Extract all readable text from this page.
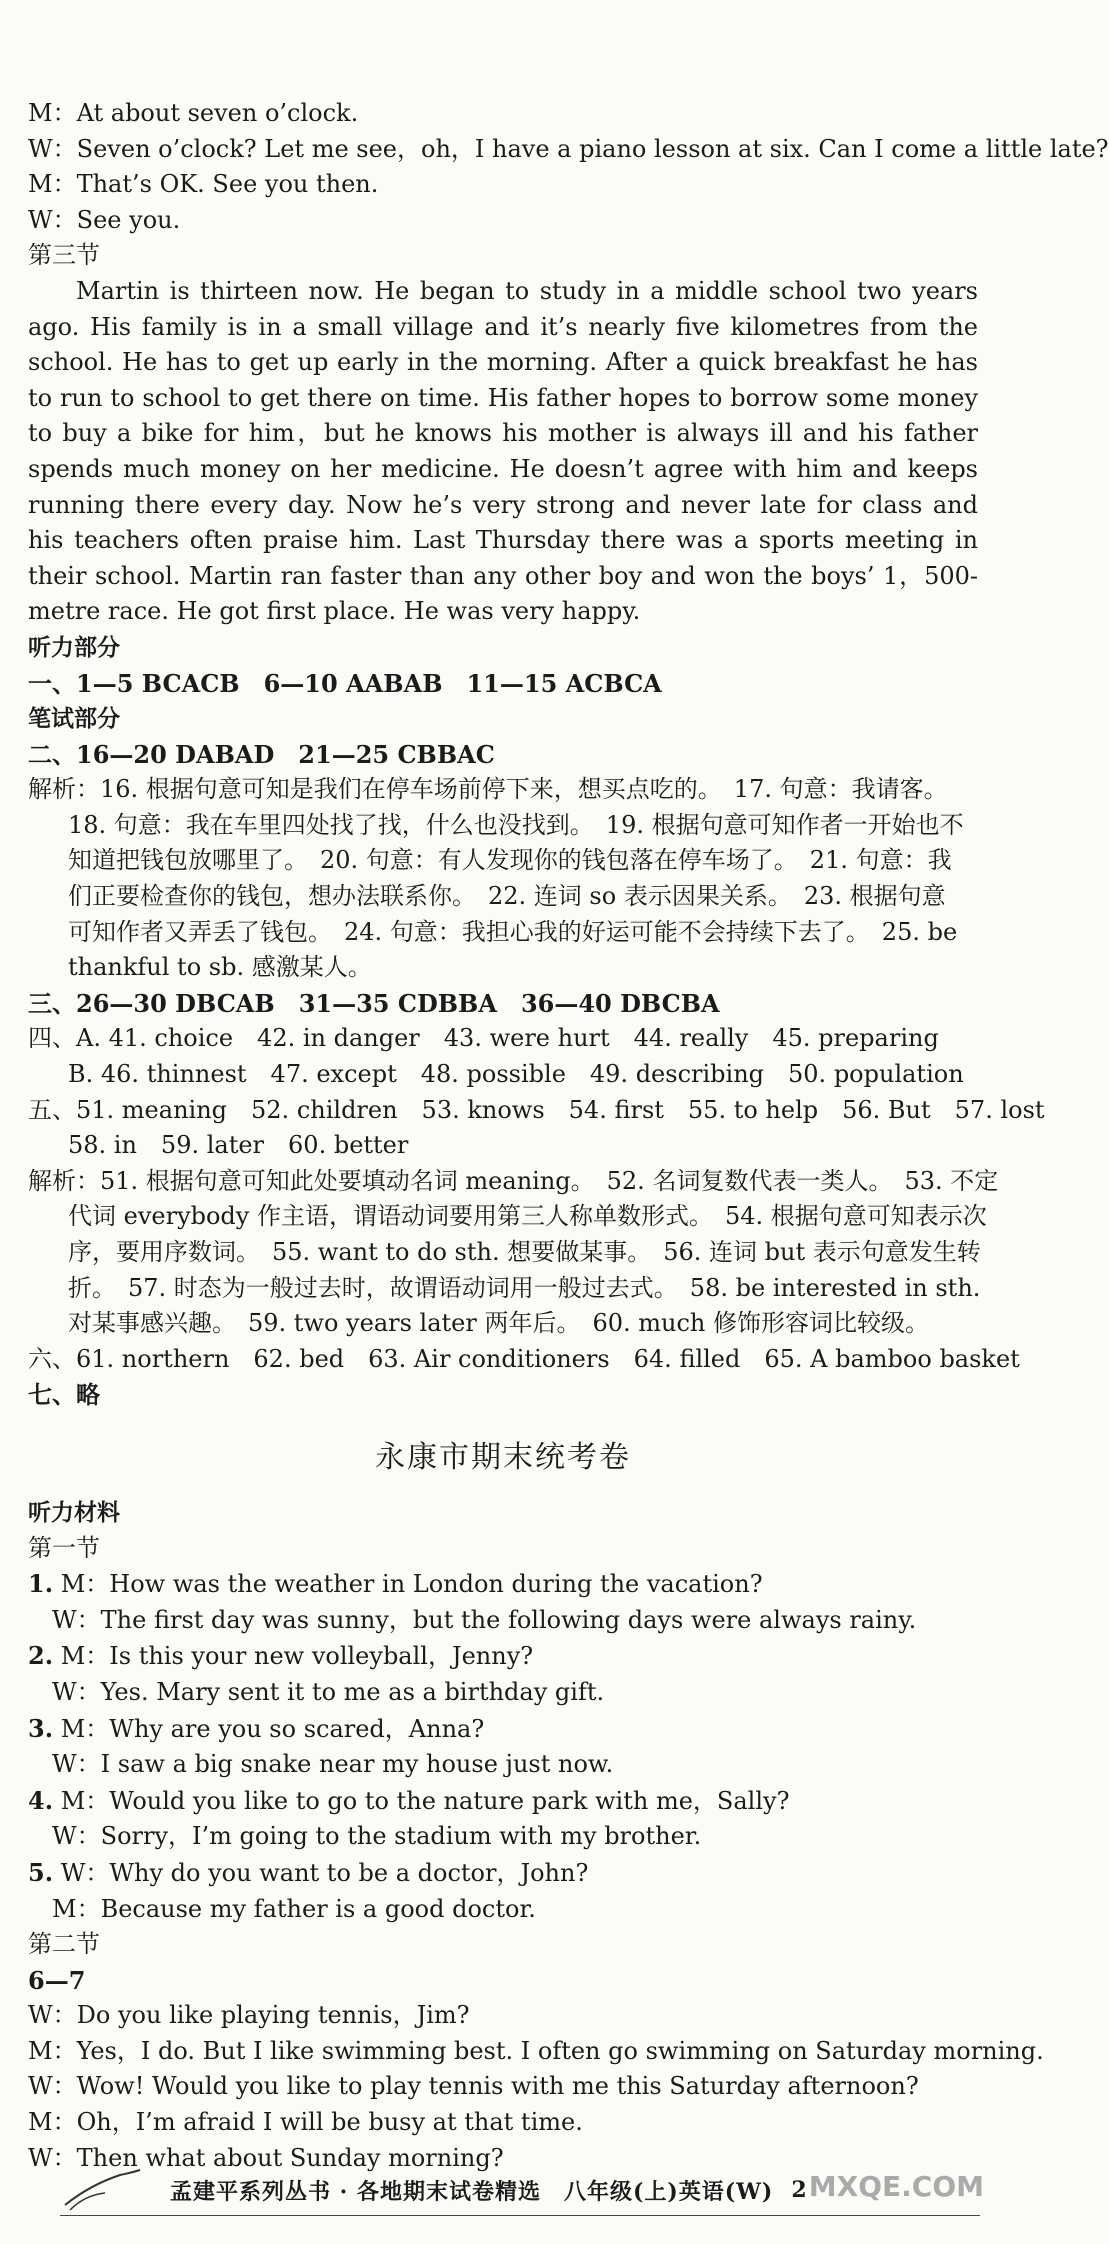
M：At about seven o’clock.
W：Seven o’clock? Let me see，oh，I have a piano lesson at six. Can I come a little late?
M：That’s OK. See you then.
W：See you.
第三节
Martin is thirteen now. He began to study in a middle school two years ago. His family is in a small village and it’s nearly five kilometres from the school. He has to get up early in the morning. After a quick breakfast he has to run to school to get there on time. His father hopes to borrow some money to buy a bike for him，but he knows his mother is always ill and his father spends much money on her medicine. He doesn’t agree with him and keeps running there every day. Now he’s very strong and never late for class and his teachers often praise him. Last Thursday there was a sports meeting in their school. Martin ran faster than any other boy and won the boys’ 1，500-metre race. He got first place. He was very happy.
听力部分
一、1—5 BCACB　6—10 AABAB　11—15 ACBCA
笔试部分
二、16—20 DABAD　21—25 CBBAC
解析：16. 根据句意可知是我们在停车场前停下来，想买点吃的。　17. 句意：我请客。
18. 句意：我在车里四处找了找，什么也没找到。　19. 根据句意可知作者一开始也不
知道把钱包放哪里了。　20. 句意：有人发现你的钱包落在停车场了。　21. 句意：我
们正要检查你的钱包，想办法联系你。　22. 连词 so 表示因果关系。　23. 根据句意
可知作者又弄丢了钱包。　24. 句意：我担心我的好运可能不会持续下去了。　25. be
thankful to sb. 感激某人。
三、26—30 DBCAB　31—35 CDBBA　36—40 DBCBA
四、A. 41. choice　42. in danger　43. were hurt　44. really　45. preparing
B. 46. thinnest　47. except　48. possible　49. describing　50. population
五、51. meaning　52. children　53. knows　54. first　55. to help　56. But　57. lost
58. in　59. later　60. better
解析：51. 根据句意可知此处要填动名词 meaning。　52. 名词复数代表一类人。　53. 不定
代词 everybody 作主语，谓语动词要用第三人称单数形式。　54. 根据句意可知表示次
序，要用序数词。　55. want to do sth. 想要做某事。　56. 连词 but 表示句意发生转
折。　57. 时态为一般过去时，故谓语动词用一般过去式。　58. be interested in sth.
对某事感兴趣。　59. two years later 两年后。　60. much 修饰形容词比较级。
六、61. northern　62. bed　63. Air conditioners　64. filled　65. A bamboo basket
七、略
永康市期末统考卷
听力材料
第一节
1. M：How was the weather in London during the vacation?
W：The first day was sunny，but the following days were always rainy.
2. M：Is this your new volleyball，Jenny?
W：Yes. Mary sent it to me as a birthday gift.
3. M：Why are you so scared，Anna?
W：I saw a big snake near my house just now.
4. M：Would you like to go to the nature park with me，Sally?
W：Sorry，I’m going to the stadium with my brother.
5. W：Why do you want to be a doctor，John?
M：Because my father is a good doctor.
第二节
6—7
W：Do you like playing tennis，Jim?
M：Yes，I do. But I like swimming best. I often go swimming on Saturday morning.
W：Wow! Would you like to play tennis with me this Saturday afternoon?
M：Oh，I’m afraid I will be busy at that time.
W：Then what about Sunday morning?
孟建平系列丛书 · 各地期末试卷精选　八年级(上)英语(W) 2 MXQE.COM
